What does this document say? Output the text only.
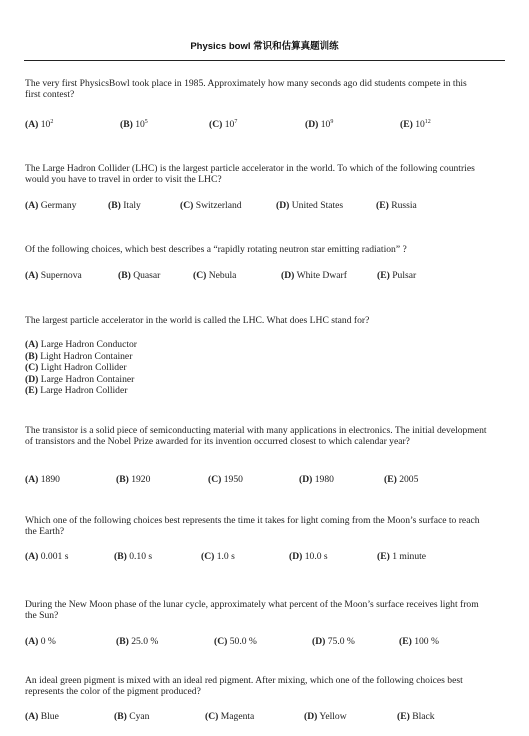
Physics bowl 常识和估算真题训练
The very first PhysicsBowl took place in 1985. Approximately how many seconds ago did students compete in this first contest?
(A) $10^2$	(B) $10^5$	(C) $10^7$	(D) $10^9$	(E) $10^{12}$
The Large Hadron Collider (LHC) is the largest particle accelerator in the world. To which of the following countries would you have to travel in order to visit the LHC?
(A) Germany	(B) Italy	(C) Switzerland	(D) United States	(E) Russia
Of the following choices, which best describes a “rapidly rotating neutron star emitting radiation” ?
(A) Supernova	(B) Quasar	(C) Nebula	(D) White Dwarf	(E) Pulsar
The largest particle accelerator in the world is called the LHC. What does LHC stand for?
(A) Large Hadron Conductor
(B) Light Hadron Container
(C) Light Hadron Collider
(D) Large Hadron Container
(E) Large Hadron Collider
The transistor is a solid piece of semiconducting material with many applications in electronics. The initial development of transistors and the Nobel Prize awarded for its invention occurred closest to which calendar year?
(A) 1890	(B) 1920	(C) 1950	(D) 1980	(E) 2005
Which one of the following choices best represents the time it takes for light coming from the Moon’s surface to reach the Earth?
(A) 0.001 s	(B) 0.10 s	(C) 1.0 s	(D) 10.0 s	(E) 1 minute
During the New Moon phase of the lunar cycle, approximately what percent of the Moon’s surface receives light from the Sun?
(A) 0 %	(B) 25.0 %	(C) 50.0 %	(D) 75.0 %	(E) 100 %
An ideal green pigment is mixed with an ideal red pigment. After mixing, which one of the following choices best represents the color of the pigment produced?
(A) Blue	(B) Cyan	(C) Magenta	(D) Yellow	(E) Black
